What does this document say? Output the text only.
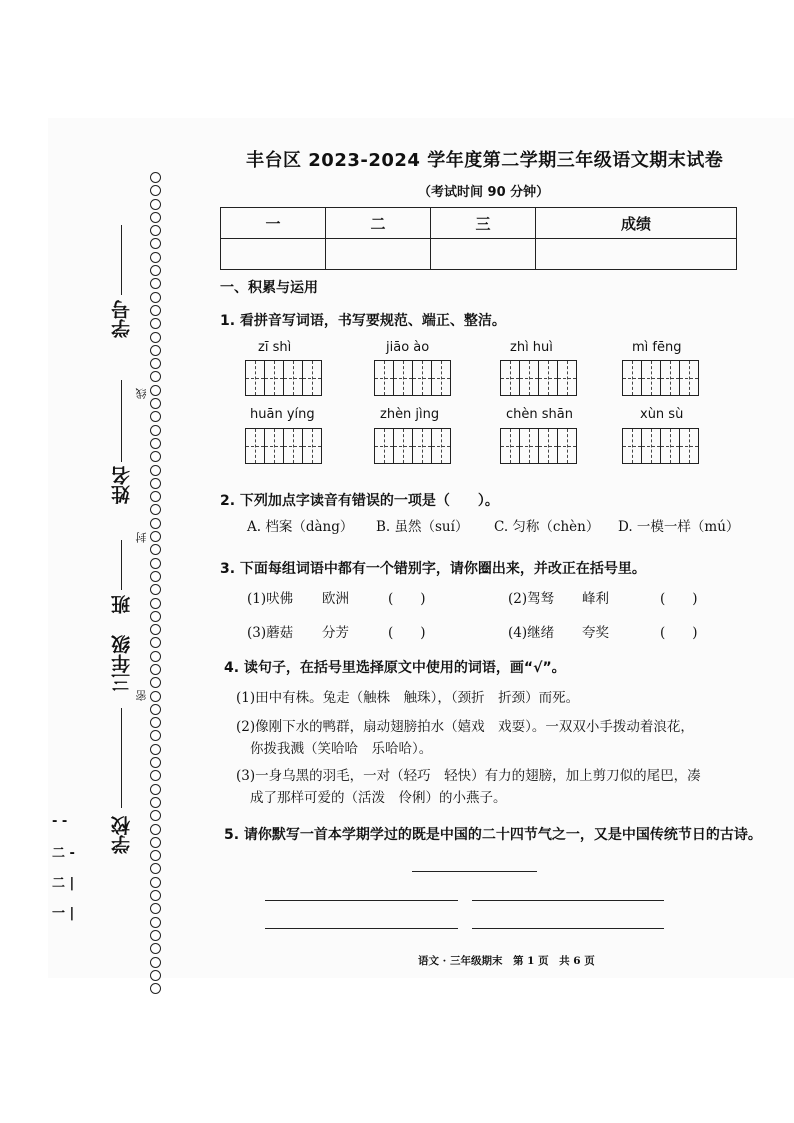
学号
姓名
班
三年级
学校
线
封
密
- -
二 -
二 |
一 |
丰台区 2023-2024 学年度第二学期三年级语文期末试卷
（考试时间 90 分钟）
一	二	三	成绩

一、积累与运用
1. 看拼音写词语，书写要规范、端正、整洁。
zī shì	jiāo ào	zhì huì	mì fēng
huān yíng	zhèn jìng	chèn shān	xùn sù
2. 下列加点字读音有错误的一项是（　　）。
A. 档案（dàng） B. 虽然（suí） C. 匀称（chèn） D. 一模一样（mú）
3. 下面每组词语中都有一个错别字，请你圈出来，并改正在括号里。
(1)吠佛 欧洲	(　　)	(2)驾驽 峰利	(　　)
(3)蘑菇 分芳	(　　)	(4)继绪 夸奖	(　　)
4. 读句子，在括号里选择原文中使用的词语，画“√”。
(1)田中有株。兔走（触株　触珠），（颈折　折颈）而死。
(2)像刚下水的鸭群，扇动翅膀拍水（嬉戏　戏耍）。一双双小手拨动着浪花，
你拨我溅（笑哈哈　乐哈哈）。
(3)一身乌黑的羽毛，一对（轻巧　轻快）有力的翅膀，加上剪刀似的尾巴，凑
成了那样可爱的（活泼　伶俐）的小燕子。
5. 请你默写一首本学期学过的既是中国的二十四节气之一，又是中国传统节日的古诗。
语文 · 三年级期末　第 1 页　共 6 页
